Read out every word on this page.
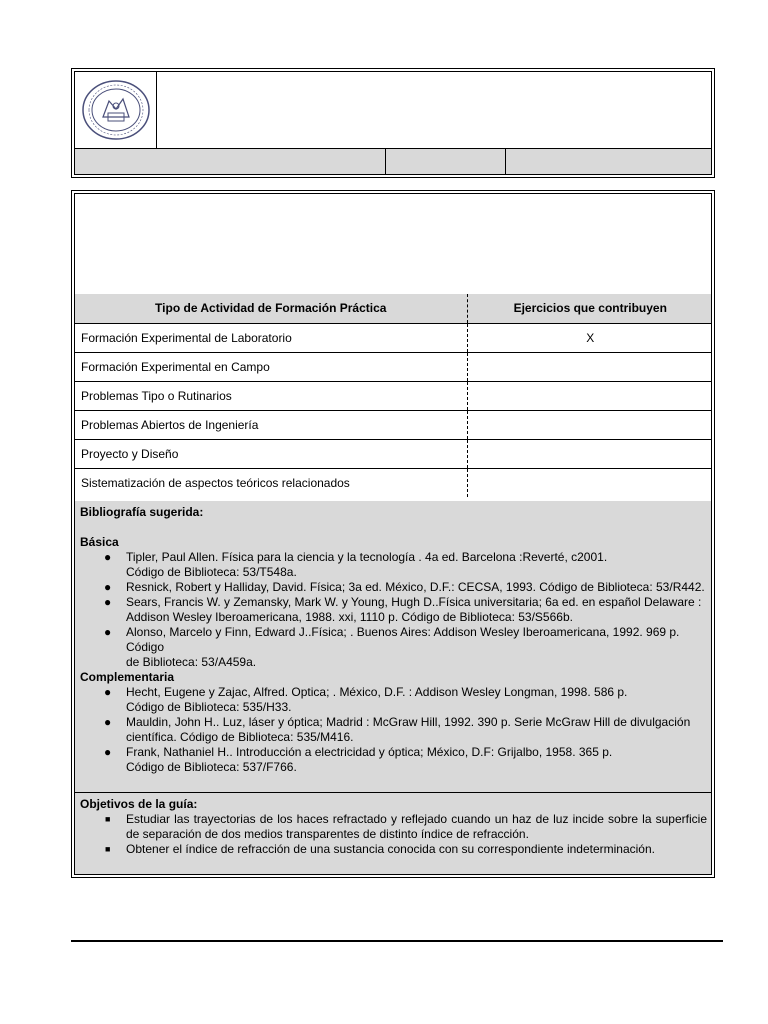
Tipo de Actividad de Formación Práctica	Ejercicios que contribuyen
Formación Experimental de Laboratorio	X
Formación Experimental en Campo	
Problemas Tipo o Rutinarios	
Problemas Abiertos de Ingeniería	
Proyecto y Diseño	
Sistematización de aspectos teóricos relacionados	
Bibliografía sugerida:
Básica
● Tipler, Paul Allen. Física para la ciencia y la tecnología . 4a ed. Barcelona :Reverté, c2001.
Código de Biblioteca: 53/T548a.
● Resnick, Robert y Halliday, David. Física; 3a ed. México, D.F.: CECSA, 1993. Código de Biblioteca: 53/R442.
● Sears, Francis W. y Zemansky, Mark W. y Young, Hugh D..Física universitaria; 6a ed. en español Delaware :
Addison Wesley Iberoamericana, 1988. xxi, 1110 p. Código de Biblioteca: 53/S566b.
● Alonso, Marcelo y Finn, Edward J..Física; . Buenos Aires: Addison Wesley Iberoamericana, 1992. 969 p. Código
de Biblioteca: 53/A459a.
Complementaria
● Hecht, Eugene y Zajac, Alfred. Optica; . México, D.F. : Addison Wesley Longman, 1998. 586 p.
Código de Biblioteca: 535/H33.
● Mauldin, John H.. Luz, láser y óptica; Madrid : McGraw Hill, 1992. 390 p. Serie McGraw Hill de divulgación
científica. Código de Biblioteca: 535/M416.
● Frank, Nathaniel H.. Introducción a electricidad y óptica; México, D.F: Grijalbo, 1958. 365 p.
Código de Biblioteca: 537/F766.
Objetivos de la guía:
■ Estudiar las trayectorias de los haces refractado y reflejado cuando un haz de luz incide sobre la superficie de separación de dos medios transparentes de distinto índice de refracción.
■ Obtener el índice de refracción de una sustancia conocida con su correspondiente indeterminación.
